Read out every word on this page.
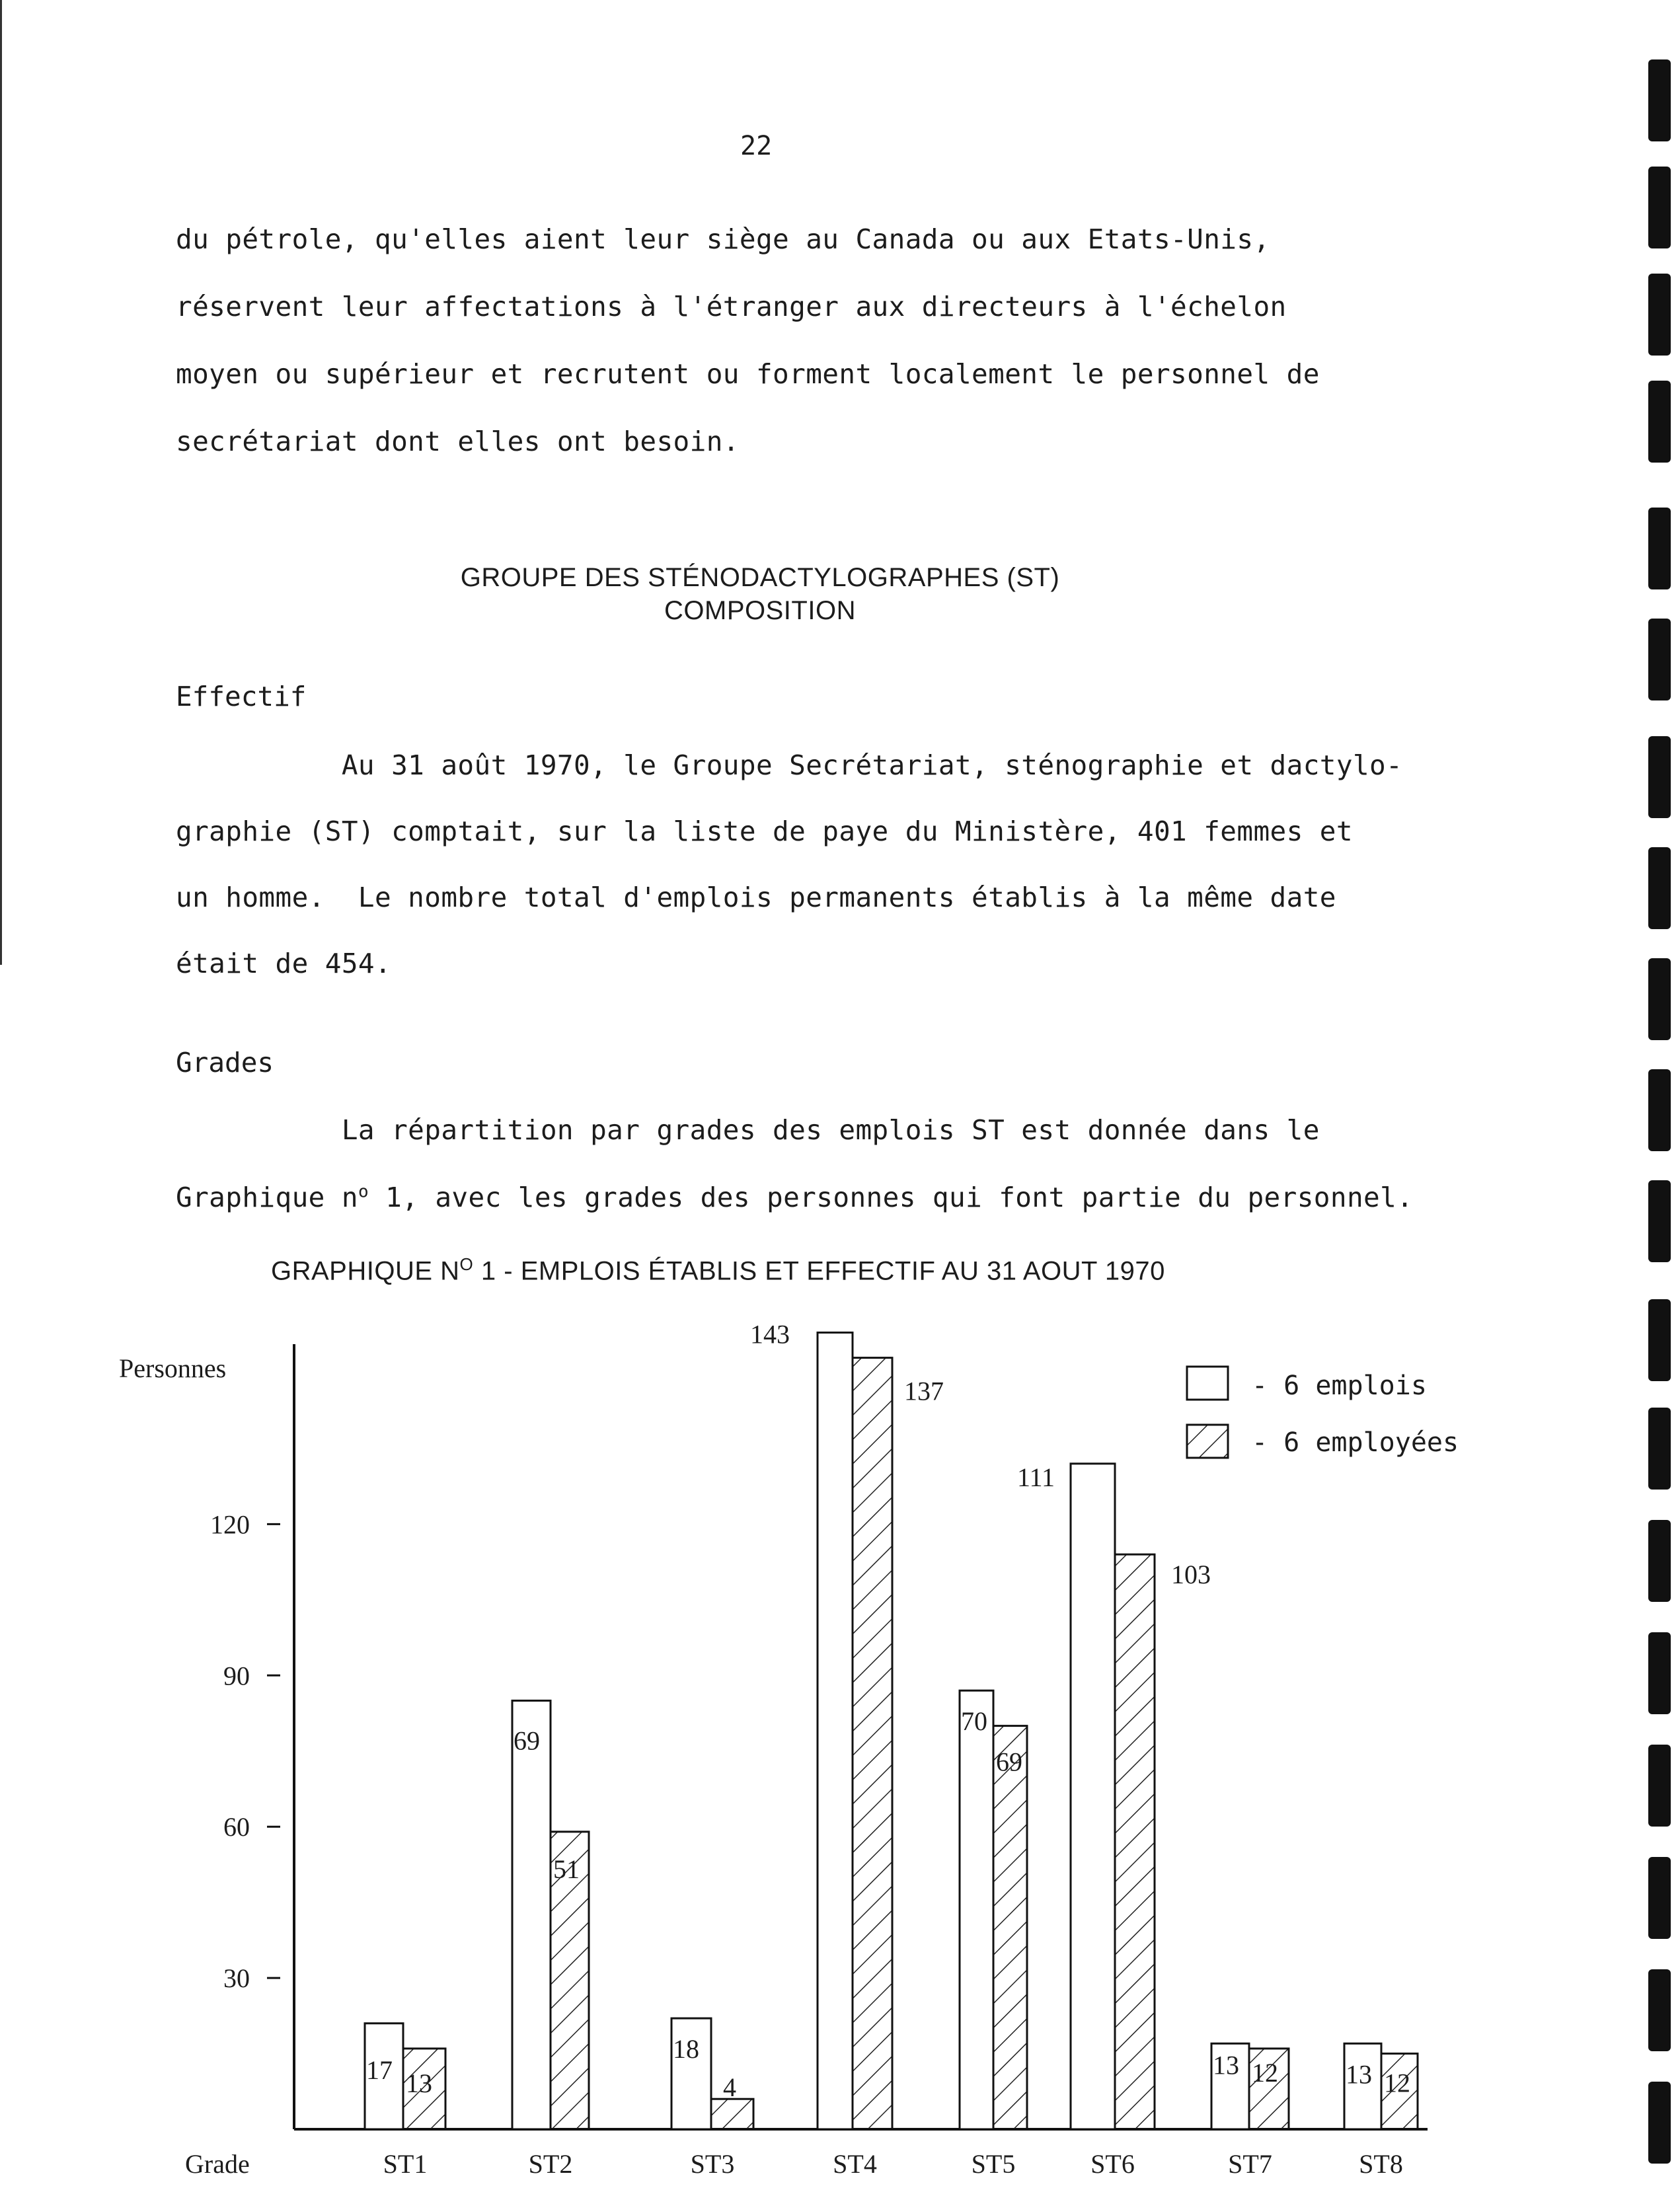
22
du pétrole, qu'elles aient leur siège au Canada ou aux Etats-Unis,
réservent leur affectations à l'étranger aux directeurs à l'échelon
moyen ou supérieur et recrutent ou forment localement le personnel de
secrétariat dont elles ont besoin.
GROUPE DES STÉNODACTYLOGRAPHES (ST)
COMPOSITION
Effectif
Au 31 août 1970, le Groupe Secrétariat, sténographie et dactylo-
graphie (ST) comptait, sur la liste de paye du Ministère, 401 femmes et
un homme.  Le nombre total d'emplois permanents établis à la même date
était de 454.
Grades
La répartition par grades des emplois ST est donnée dans le
Graphique $n^o$ 1, avec les grades des personnes qui font partie du personnel.
GRAPHIQUE $N^O$ 1 - EMPLOIS ÉTABLIS ET EFFECTIF AU 31 AOUT 1970
Personnes
Grade
30
60
90
120
17 13
ST1
69
51
ST2
18
4
ST3
143
137
ST4
70
69
ST5
111
103
ST6
13 12
ST7
13 12
ST8
- 6 emplois
- 6 employées
